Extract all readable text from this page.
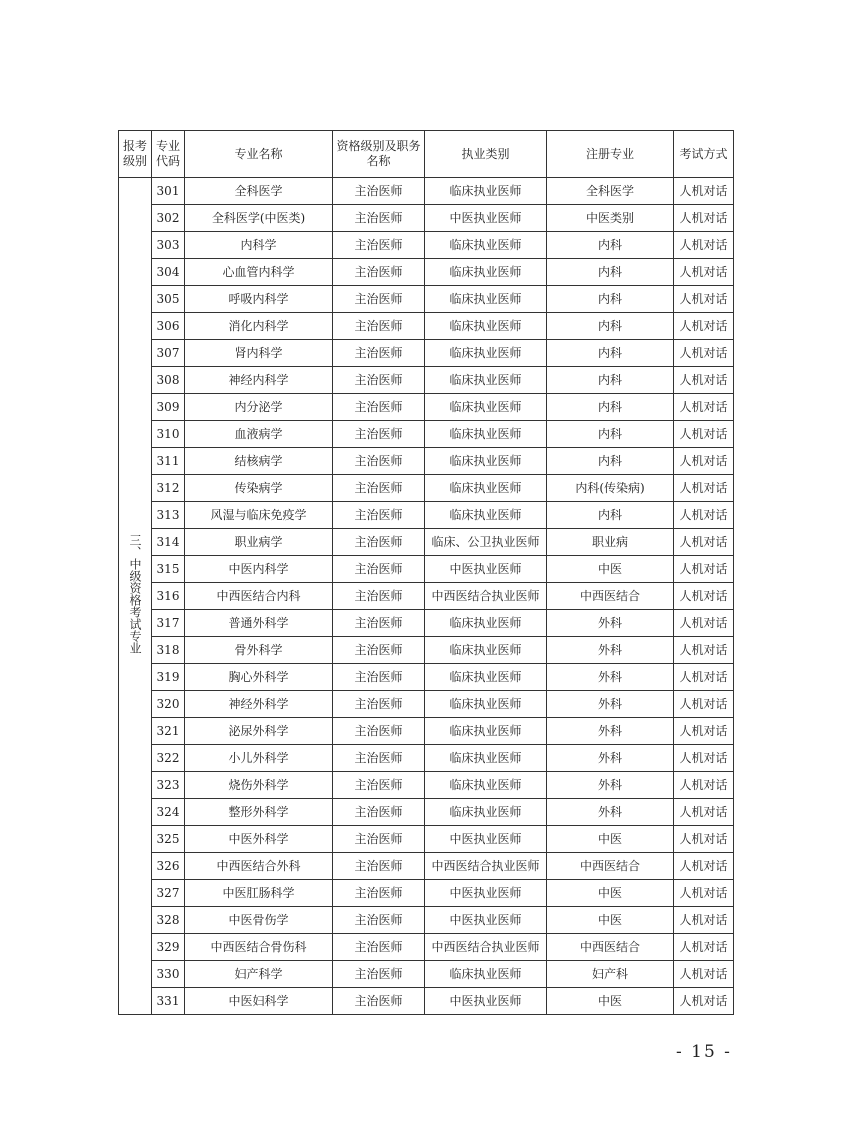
报考级别	专业代码	专业名称	资格级别及职务名称	执业类别	注册专业	考试方式
三、中级资格考试专业	301	全科医学	主治医师	临床执业医师	全科医学	人机对话
	302	全科医学(中医类)	主治医师	中医执业医师	中医类别	人机对话
	303	内科学	主治医师	临床执业医师	内科	人机对话
	304	心血管内科学	主治医师	临床执业医师	内科	人机对话
	305	呼吸内科学	主治医师	临床执业医师	内科	人机对话
	306	消化内科学	主治医师	临床执业医师	内科	人机对话
	307	肾内科学	主治医师	临床执业医师	内科	人机对话
	308	神经内科学	主治医师	临床执业医师	内科	人机对话
	309	内分泌学	主治医师	临床执业医师	内科	人机对话
	310	血液病学	主治医师	临床执业医师	内科	人机对话
	311	结核病学	主治医师	临床执业医师	内科	人机对话
	312	传染病学	主治医师	临床执业医师	内科(传染病)	人机对话
	313	风湿与临床免疫学	主治医师	临床执业医师	内科	人机对话
	314	职业病学	主治医师	临床、公卫执业医师	职业病	人机对话
	315	中医内科学	主治医师	中医执业医师	中医	人机对话
	316	中西医结合内科	主治医师	中西医结合执业医师	中西医结合	人机对话
	317	普通外科学	主治医师	临床执业医师	外科	人机对话
	318	骨外科学	主治医师	临床执业医师	外科	人机对话
	319	胸心外科学	主治医师	临床执业医师	外科	人机对话
	320	神经外科学	主治医师	临床执业医师	外科	人机对话
	321	泌尿外科学	主治医师	临床执业医师	外科	人机对话
	322	小儿外科学	主治医师	临床执业医师	外科	人机对话
	323	烧伤外科学	主治医师	临床执业医师	外科	人机对话
	324	整形外科学	主治医师	临床执业医师	外科	人机对话
	325	中医外科学	主治医师	中医执业医师	中医	人机对话
	326	中西医结合外科	主治医师	中西医结合执业医师	中西医结合	人机对话
	327	中医肛肠科学	主治医师	中医执业医师	中医	人机对话
	328	中医骨伤学	主治医师	中医执业医师	中医	人机对话
	329	中西医结合骨伤科	主治医师	中西医结合执业医师	中西医结合	人机对话
	330	妇产科学	主治医师	临床执业医师	妇产科	人机对话
	331	中医妇科学	主治医师	中医执业医师	中医	人机对话
- 15 -
